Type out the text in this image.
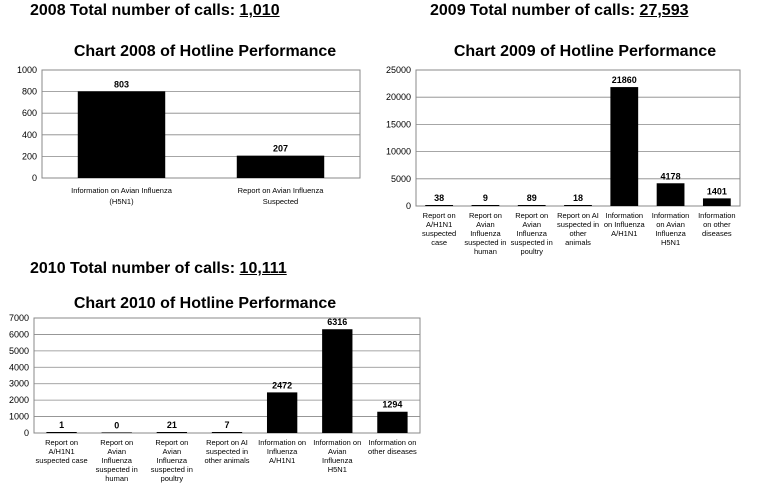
2008 Total number of calls: 1,010	2009 Total number of calls: 27,593
2010 Total number of calls: 10,111
Chart 2008 of Hotline Performance
0
200
400
600
800
1000
803
Information on Avian Influenza (H5N1)
207
Report on Avian Influenza Suspected
Chart 2009 of Hotline Performance
0
5000
10000
15000
20000
25000
38
Report on A/H1N1 suspected case
9
Report on Avian Influenza suspected in human
89
Report on Avian Influenza suspected in poultry
18
Report on AI suspected in other animals
21860
Information on Influenza A/H1N1
4178
Information on Avian Influenza H5N1
1401
Information on other diseases
Chart 2010 of Hotline Performance
0
1000
2000
3000
4000
5000
6000
7000
1
Report on A/H1N1 suspected case
0
Report on Avian Influenza suspected in human
21
Report on Avian Influenza suspected in poultry
7
Report on AI suspected in other animals
2472
Information on Influenza A/H1N1
6316
Information on Avian Influenza H5N1
1294
Information on other diseases
